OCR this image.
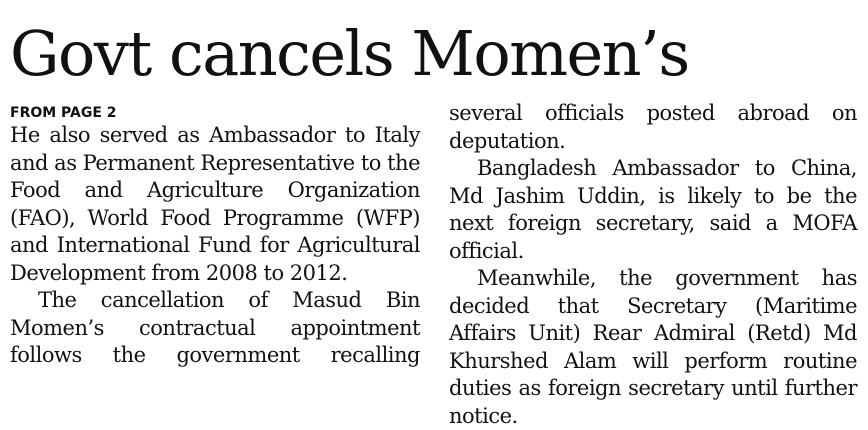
Govt cancels Momen’s
FROM PAGE 2

He also served as Ambassador to Italy and as Permanent Representative to the Food and Agriculture Organization (FAO), World Food Programme (WFP) and International Fund for Agricultural Development from 2008 to 2012.

The cancellation of Masud Bin Momen’s contractual appointment follows the government recalling

several officials posted abroad on deputation.

Bangladesh Ambassador to China, Md Jashim Uddin, is likely to be the next foreign secretary, said a MOFA official.

Meanwhile, the government has decided that Secretary (Maritime Affairs Unit) Rear Admiral (Retd) Md Khurshed Alam will perform routine duties as foreign secretary until further notice.
